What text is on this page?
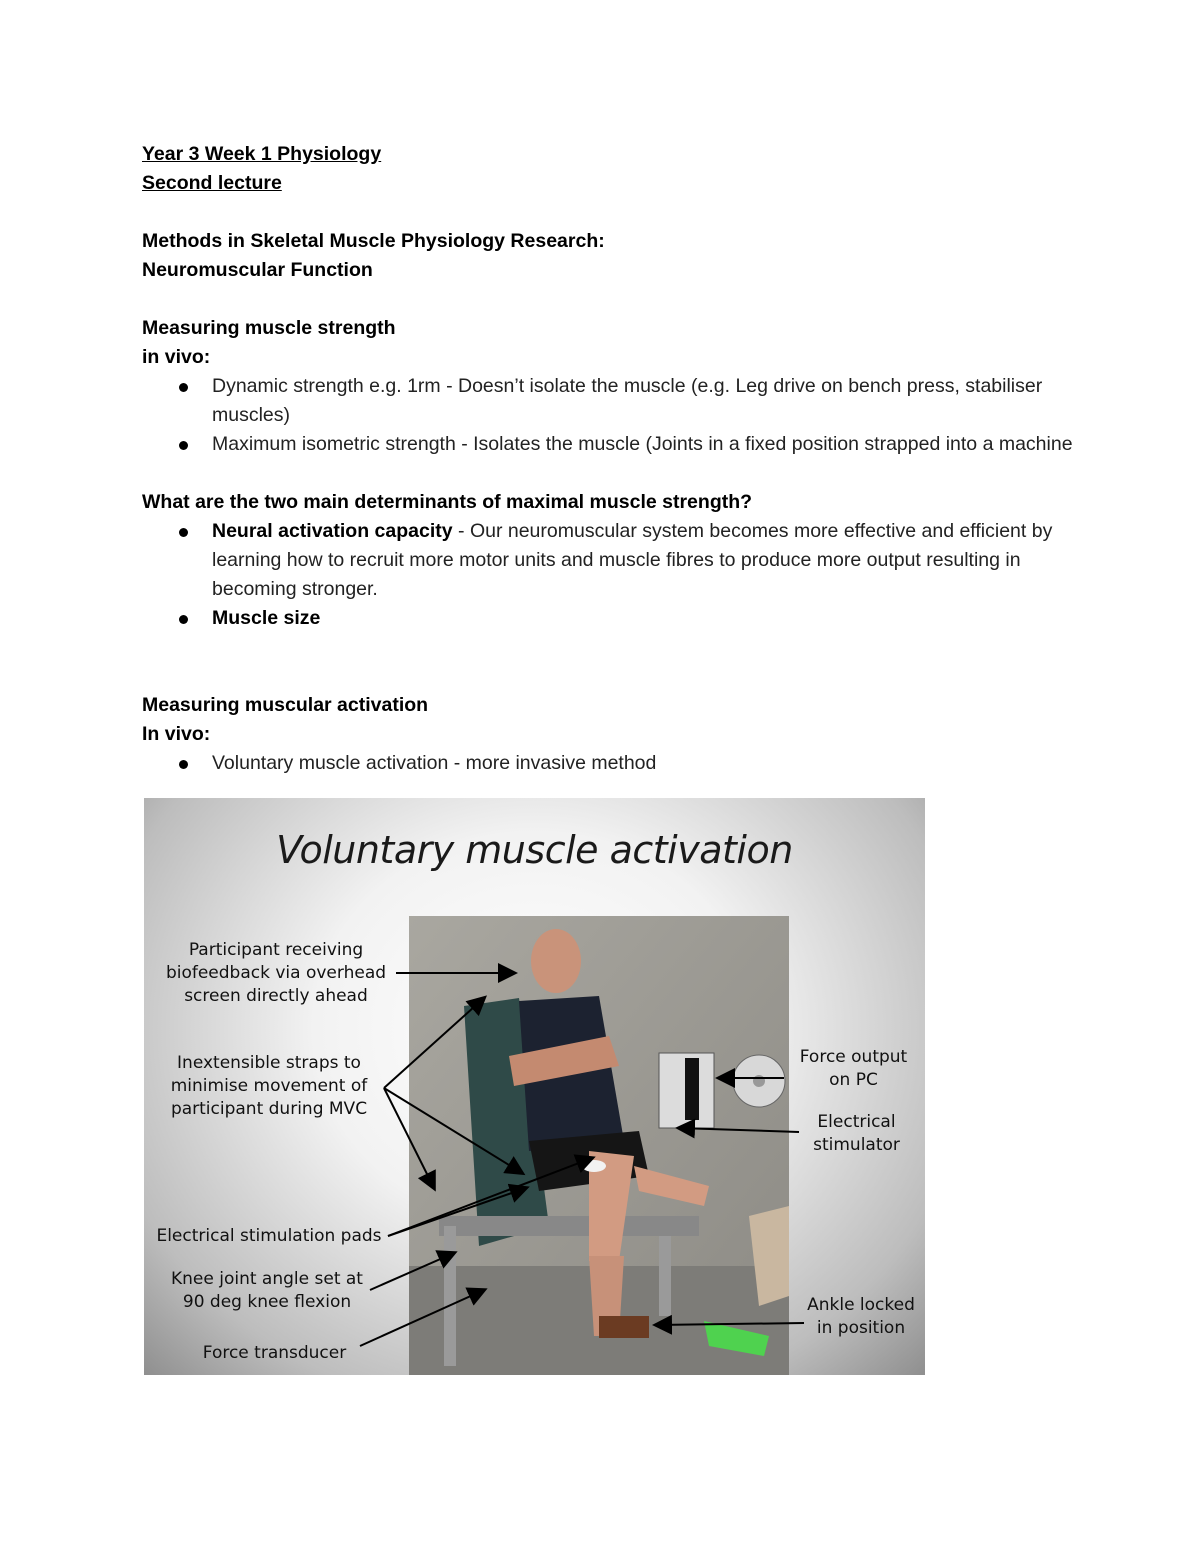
Year 3 Week 1 Physiology
Second lecture
Methods in Skeletal Muscle Physiology Research:
Neuromuscular Function
Measuring muscle strength
in vivo:
Dynamic strength e.g. 1rm - Doesn’t isolate the muscle (e.g. Leg drive on bench press, stabiliser muscles)
Maximum isometric strength - Isolates the muscle (Joints in a fixed position strapped into a machine
What are the two main determinants of maximal muscle strength?
Neural activation capacity - Our neuromuscular system becomes more effective and efficient by learning how to recruit more motor units and muscle fibres to produce more output resulting in becoming stronger.
Muscle size
Measuring muscular activation
In vivo:
Voluntary muscle activation - more invasive method
Voluntary muscle activation
Participant receiving
biofeedback via overhead
screen directly ahead
Inextensible straps to
minimise movement of
participant during MVC
Electrical stimulation pads
Knee joint angle set at
90 deg knee flexion
Force transducer
Force output
on PC
Electrical
stimulator
Ankle locked
in position
